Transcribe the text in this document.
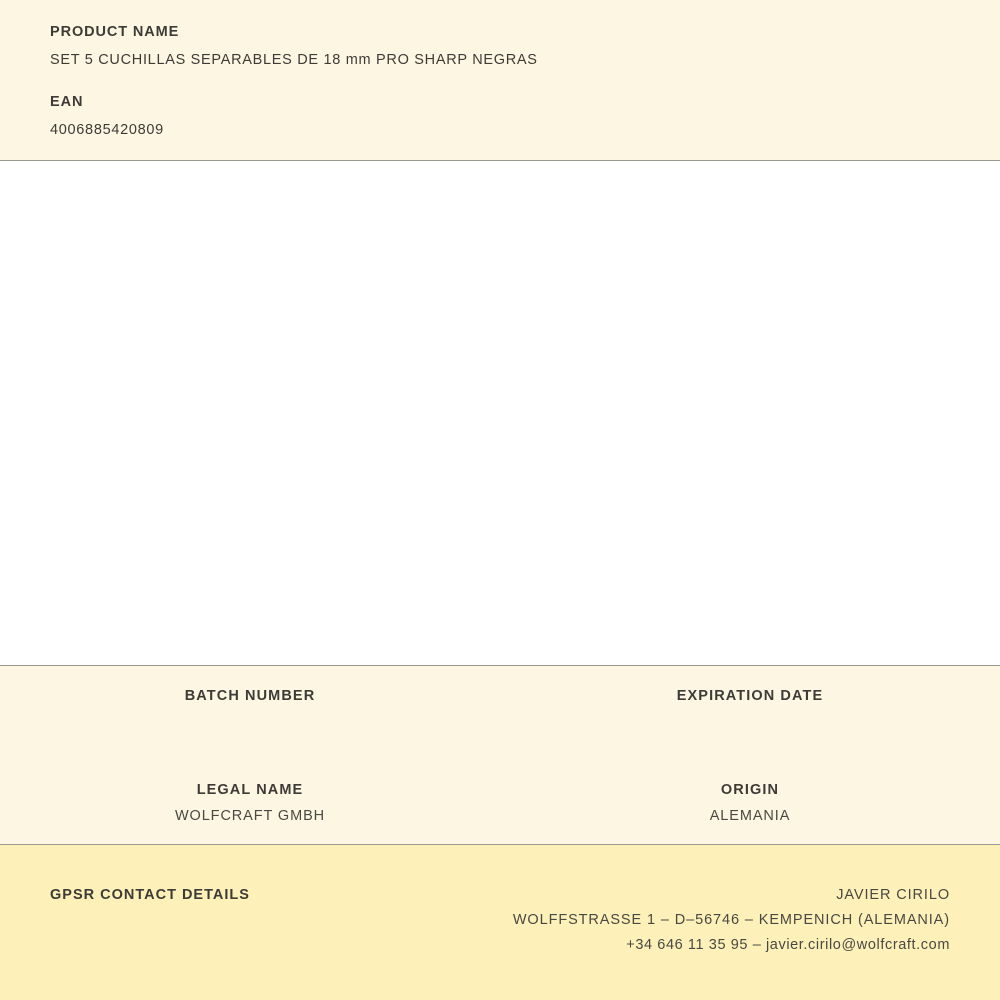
PRODUCT NAME
SET 5 CUCHILLAS SEPARABLES DE 18 mm PRO SHARP NEGRAS
EAN
4006885420809
BATCH NUMBER	EXPIRATION DATE
LEGAL NAME
WOLFCRAFT GMBH
ORIGIN
ALEMANIA
GPSR CONTACT DETAILS	JAVIER CIRILO
WOLFFSTRASSE 1 – D–56746 – KEMPENICH (ALEMANIA)
+34 646 11 35 95 – javier.cirilo@wolfcraft.com
